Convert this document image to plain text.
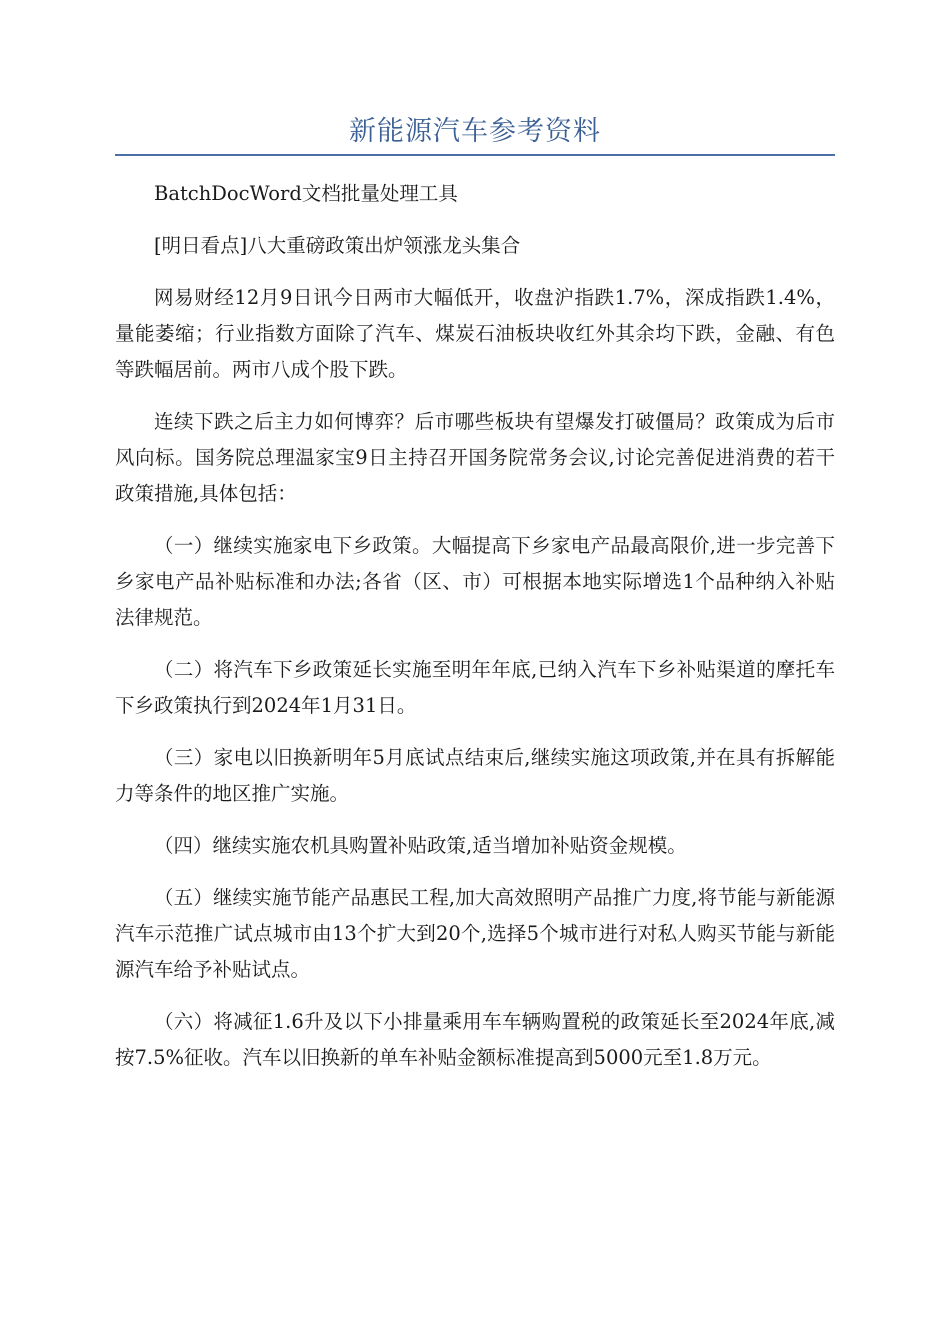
新能源汽车参考资料

BatchDocWord文档批量处理工具

[明日看点]八大重磅政策出炉领涨龙头集合

网易财经12月9日讯今日两市大幅低开，收盘沪指跌1.7%，深成指跌1.4%，量能萎缩；行业指数方面除了汽车、煤炭石油板块收红外其余均下跌，金融、有色等跌幅居前。两市八成个股下跌。

连续下跌之后主力如何博弈？后市哪些板块有望爆发打破僵局？政策成为后市风向标。国务院总理温家宝9日主持召开国务院常务会议,讨论完善促进消费的若干政策措施,具体包括：

（一）继续实施家电下乡政策。大幅提高下乡家电产品最高限价,进一步完善下乡家电产品补贴标准和办法;各省（区、市）可根据本地实际增选1个品种纳入补贴法律规范。

（二）将汽车下乡政策延长实施至明年年底,已纳入汽车下乡补贴渠道的摩托车下乡政策执行到2024年1月31日。

（三）家电以旧换新明年5月底试点结束后,继续实施这项政策,并在具有拆解能力等条件的地区推广实施。

（四）继续实施农机具购置补贴政策,适当增加补贴资金规模。

（五）继续实施节能产品惠民工程,加大高效照明产品推广力度,将节能与新能源汽车示范推广试点城市由13个扩大到20个,选择5个城市进行对私人购买节能与新能源汽车给予补贴试点。

（六）将减征1.6升及以下小排量乘用车车辆购置税的政策延长至2024年底,减按7.5%征收。汽车以旧换新的单车补贴金额标准提高到5000元至1.8万元。
